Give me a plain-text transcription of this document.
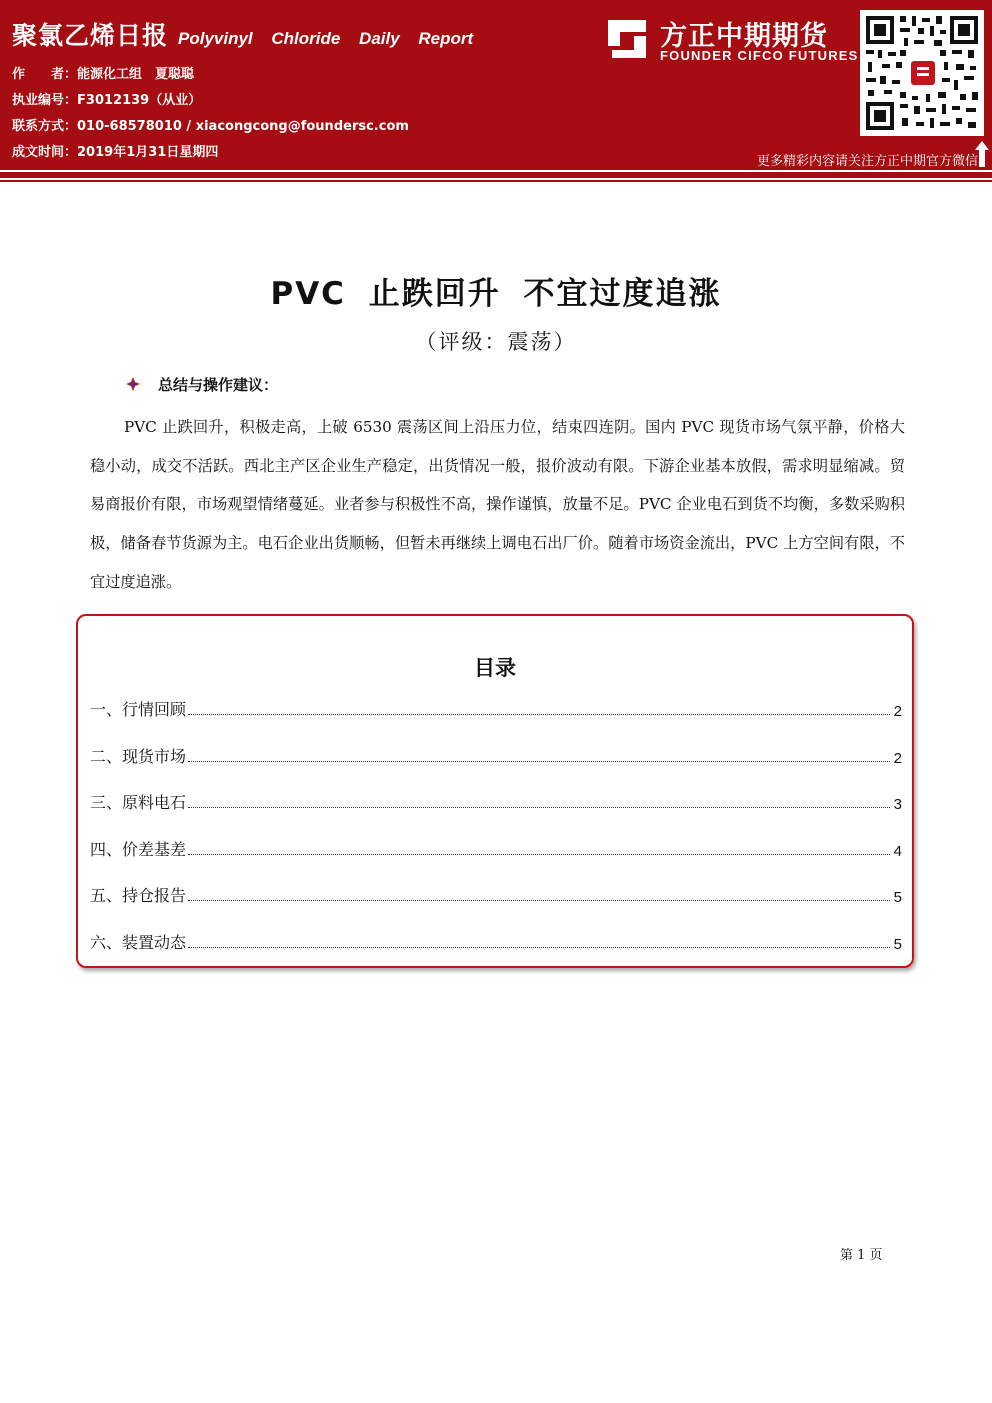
聚氯乙烯日报 Polyvinyl Chloride Daily Report
作　　者：能源化工组　夏聪聪
执业编号：F3012139（从业）
联系方式：010-68578010 / xiacongcong@foundersc.com
成文时间：2019年1月31日星期四
方正中期期货
FOUNDER CIFCO FUTURES
更多精彩内容请关注方正中期官方微信
PVC 止跌回升 不宜过度追涨
（评级：震荡）
总结与操作建议：
PVC 止跌回升，积极走高，上破 6530 震荡区间上沿压力位，结束四连阴。国内 PVC 现货市场气氛平静，价格大稳小动，成交不活跃。西北主产区企业生产稳定，出货情况一般，报价波动有限。下游企业基本放假，需求明显缩减。贸易商报价有限，市场观望情绪蔓延。业者参与积极性不高，操作谨慎，放量不足。PVC 企业电石到货不均衡，多数采购积极，储备春节货源为主。电石企业出货顺畅，但暂未再继续上调电石出厂价。随着市场资金流出，PVC 上方空间有限，不宜过度追涨。
目录
一、行情回顾	2
二、现货市场	2
三、原料电石	3
四、价差基差	4
五、持仓报告	5
六、装置动态	5
第 1 页
